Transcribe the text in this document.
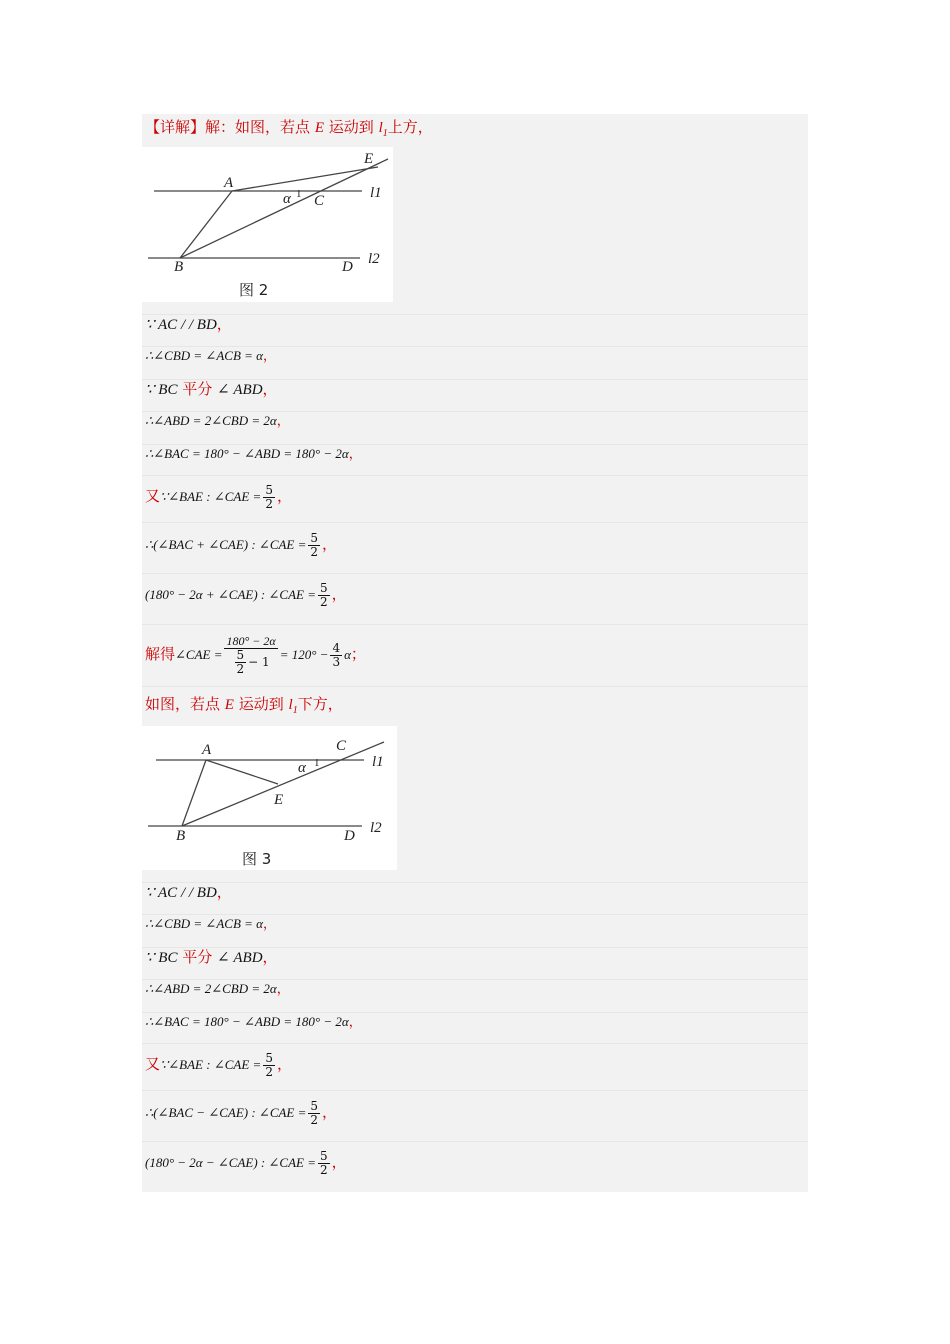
【详解】解：如图，若点 E 运动到 $l_1$上方，
A
E
α 1 C	l1
B	D l2
图 2
∵ AC / / BD，
∴∠CBD = ∠ACB = α，
∵ BC 平分 ∠ ABD，
∴∠ABD = 2∠CBD = 2α，
∴∠BAC = 180° − ∠ABD = 180° − 2α，
又∵∠BAE : ∠CAE = $\frac{5}{2}$ ，
∴(∠BAC + ∠CAE) : ∠CAE = $\frac{5}{2}$ ，
(180° − 2α + ∠CAE) : ∠CAE = $\frac{5}{2}$ ，
解得∠CAE = $\frac{180^\circ - 2\alpha}{\frac{5}{2} - 1} = 120^\circ - \frac{4}{3}$ α；
如图，若点 E 运动到 $l_1$下方，
A	C
α 1	l1
E
B	D l2
图 3
∵ AC / / BD，
∴∠CBD = ∠ACB = α，
∵ BC 平分 ∠ ABD，
∴∠ABD = 2∠CBD = 2α，
∴∠BAC = 180° − ∠ABD = 180° − 2α，
又∵∠BAE : ∠CAE = $\frac{5}{2}$ ，
∴(∠BAC − ∠CAE) : ∠CAE = $\frac{5}{2}$ ，
(180° − 2α − ∠CAE) : ∠CAE = $\frac{5}{2}$ ，
